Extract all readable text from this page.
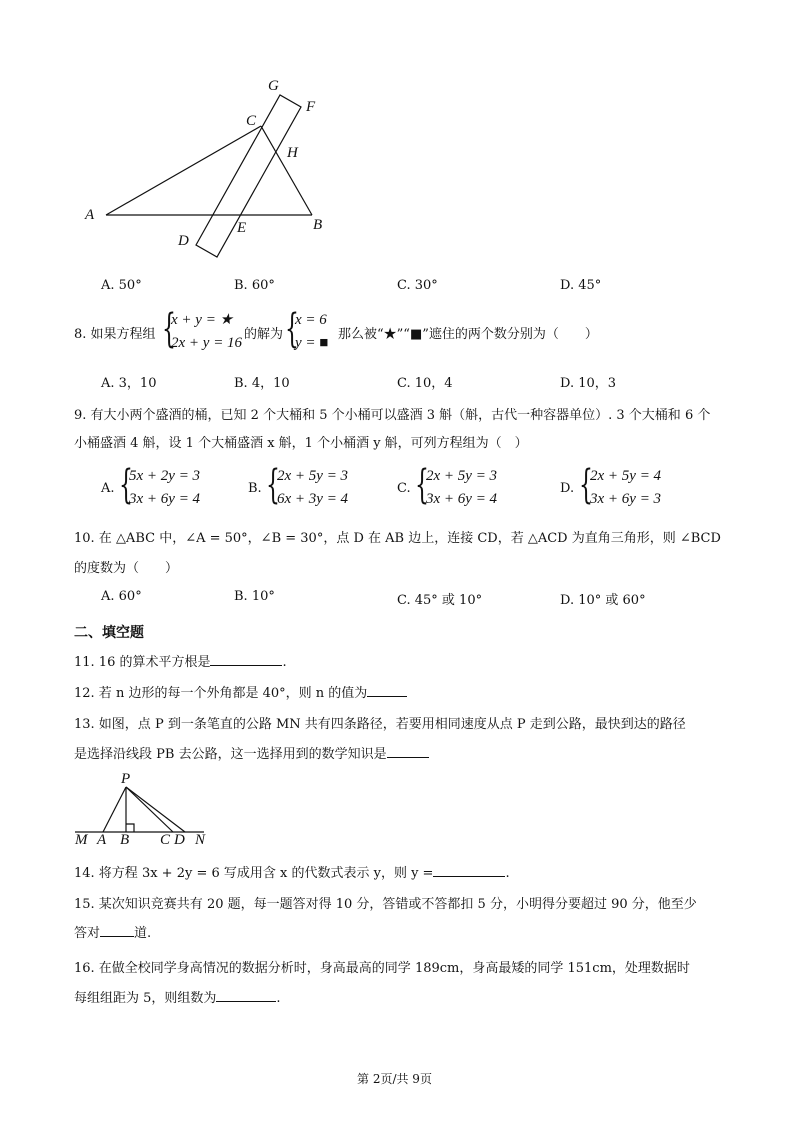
G
F
C
H
A
B
D
E
A. 50°	B. 60°	C. 30°	D. 45°
8. 如果方程组 {
x + y = ★
2x + y = 16
的解为 {
x = 6
y = ■
那么被“★”“■”遮住的两个数分别为（　　）
A. 3，10	B. 4，10	C. 10，4	D. 10，3
9. 有大小两个盛酒的桶，已知 2 个大桶和 5 个小桶可以盛酒 3 斛（斛，古代一种容器单位）. 3 个大桶和 6 个
小桶盛酒 4 斛，设 1 个大桶盛酒 x 斛，1 个小桶酒 y 斛，可列方程组为（　）
A. {
5x + 2y = 3
3x + 6y = 4
B. {
2x + 5y = 3
6x + 3y = 4
C. {
2x + 5y = 3
3x + 6y = 4
D. {
2x + 5y = 4
3x + 6y = 3
10. 在 △ABC 中，∠A = 50°，∠B = 30°，点 D 在 AB 边上，连接 CD，若 △ACD 为直角三角形，则 ∠BCD
的度数为（　　）
A. 60°	B. 10°	C. 45° 或 10°	D. 10° 或 60°
二、填空题
11. 16 的算术平方根是	.
12. 若 n 边形的每一个外角都是 40°，则 n 的值为
13. 如图，点 P 到一条笔直的公路 MN 共有四条路径，若要用相同速度从点 P 走到公路，最快到达的路径
是选择沿线段 PB 去公路，这一选择用到的数学知识是
P
M A B C D N
14. 将方程 3x + 2y = 6 写成用含 x 的代数式表示 y，则 y =	.
15. 某次知识竞赛共有 20 题，每一题答对得 10 分，答错或不答都扣 5 分，小明得分要超过 90 分，他至少
答对	道.
16. 在做全校同学身高情况的数据分析时，身高最高的同学 189cm，身高最矮的同学 151cm，处理数据时
每组组距为 5，则组数为	.
第 2页/共 9页
